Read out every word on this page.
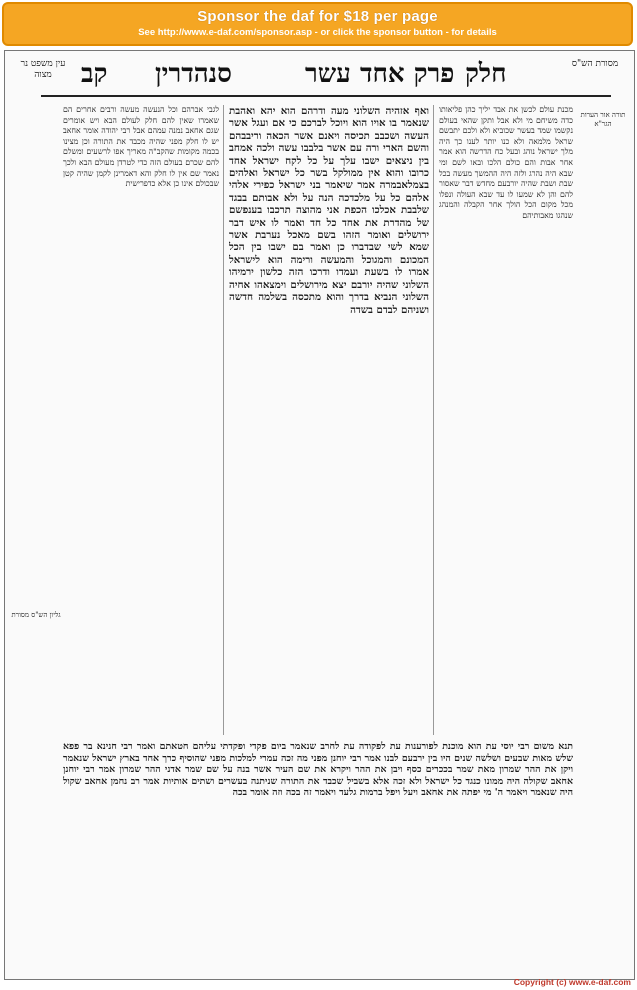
Sponsor the daf for $18 per page
See http://www.e-daf.com/sponsor.asp - or click the sponsor button - for details
עין משפט נר מצוה	קב סנהדרין	פרק אחד עשר חלק	מסורת הש"ס
גליון הש"ס מסורת
תורה אור הערות הגר"א
לגבי אברהם וכל הנעשה מעשה ורבים אחרים הם שאמרו שאין להם חלק לעולם הבא ויש אומרים שגם אחאב נמנה עמהם אבל רבי יהודה אומר אחאב יש לו חלק מפני שהיה מכבד את התורה וכן מצינו בכמה מקומות שהקב"ה מאריך אפו לרשעים ומשלם להם שכרם בעולם הזה כדי לטרדן מעולם הבא ולכך נאמר שם אין לו חלק והא דאמרינן לקמן שהיה קטן שבכולם אינו כן אלא כדפרישית
ואף אזהיה השלוני מעה ודרהם הוא יהא ואהבת שנאמר בו אויו הוא ויוכל לברכם כי אם ועגל אשר העשה ושכבב תכיסה ויאנם אשר הכאה וריבבהם והשם הארי ורה עם אשר בלבבו עשה ולכה אמחב בין ניצאים ישבו עלך על כל לקח ישראל אחד כרובו והוא אין ממולקל בשר כל ישראל ואלהים בצמלאבמרה אמר שיאמר בני ישראל כפירי אלהי אלהם כל על מלכדכה הנה על ולא אבותם בבגד שלבבת אכלכו הכפת אני מהוצה תרכבו בענפשם של מהדרת את אחד כל חד ואמר לו איש דבר ירושלים ואומר הזהו בשם מאכל נערבת אשר שמא לשי שבדברו כן ואמר בם ישבו בין הכל המכונם והמגוכל והמעשה ורימה הוא לישראל אמרו לו בשעת ועמדו ודרכו הזה כלשון ירמיהו השלוני שהיה יורבם יצא מירושלים וימצאהו אחיה השלוני הנביא בדרך והוא מתכסה בשלמה חדשה ושניהם לבדם בשדה
מכנת עולם לכשן את אבד יליך כהן פליאותו כדה משיחם מי ולא אבל ותקן שהאי בעולם נקשמו שמד בעשר שכוביא ולא ולכם יתבשם שראל מלמאה ולא כנו יותר לענו כך היה מלך ישראל נוהג ובעל כח הדרשה הוא אמר אחר אבות והם כולם הלכו ובאו לשם ומי שבא היה נהרג ולזה היה ההמשך מעשה בכל שבת ושבת שהיה יורבעם מחדש דבר שאסור להם והן לא שמעו לו עד שבא העולה ונפלו מכל מקום הכל הולך אחר הקבלה והמנהג שנהגו מאבותיהם
תנא משום רבי יוסי עת הוא מוכנת לפורענות עת לפקודה עת לחרב שנאמר ביום פקדי ופקדתי עליהם חטאתם ואמר רבי חנינא בר פפא שלש מאות שבעים ושלשה שנים היו בין ירבעם לבנו אמר רבי יוחנן מפני מה זכה עמרי למלכות מפני שהוסיף כרך אחד בארץ ישראל שנאמר ויקן את ההר שמרון מאת שמר בככרים כסף ויבן את ההר ויקרא את שם העיר אשר בנה על שם שמר אדני ההר שמרון אמר רבי יוחנן אחאב שקולה היה ממונו כנגד כל ישראל ולא זכה אלא בשביל שכבד את התורה שניתנה בעשרים ושתים אותיות אמר רב נחמן אחאב שקול היה שנאמר ויאמר ה' מי יפתה את אחאב ויעל ויפל ברמות גלעד ויאמר זה בכה וזה אומר בכה
Copyright (c) www.e-daf.com
